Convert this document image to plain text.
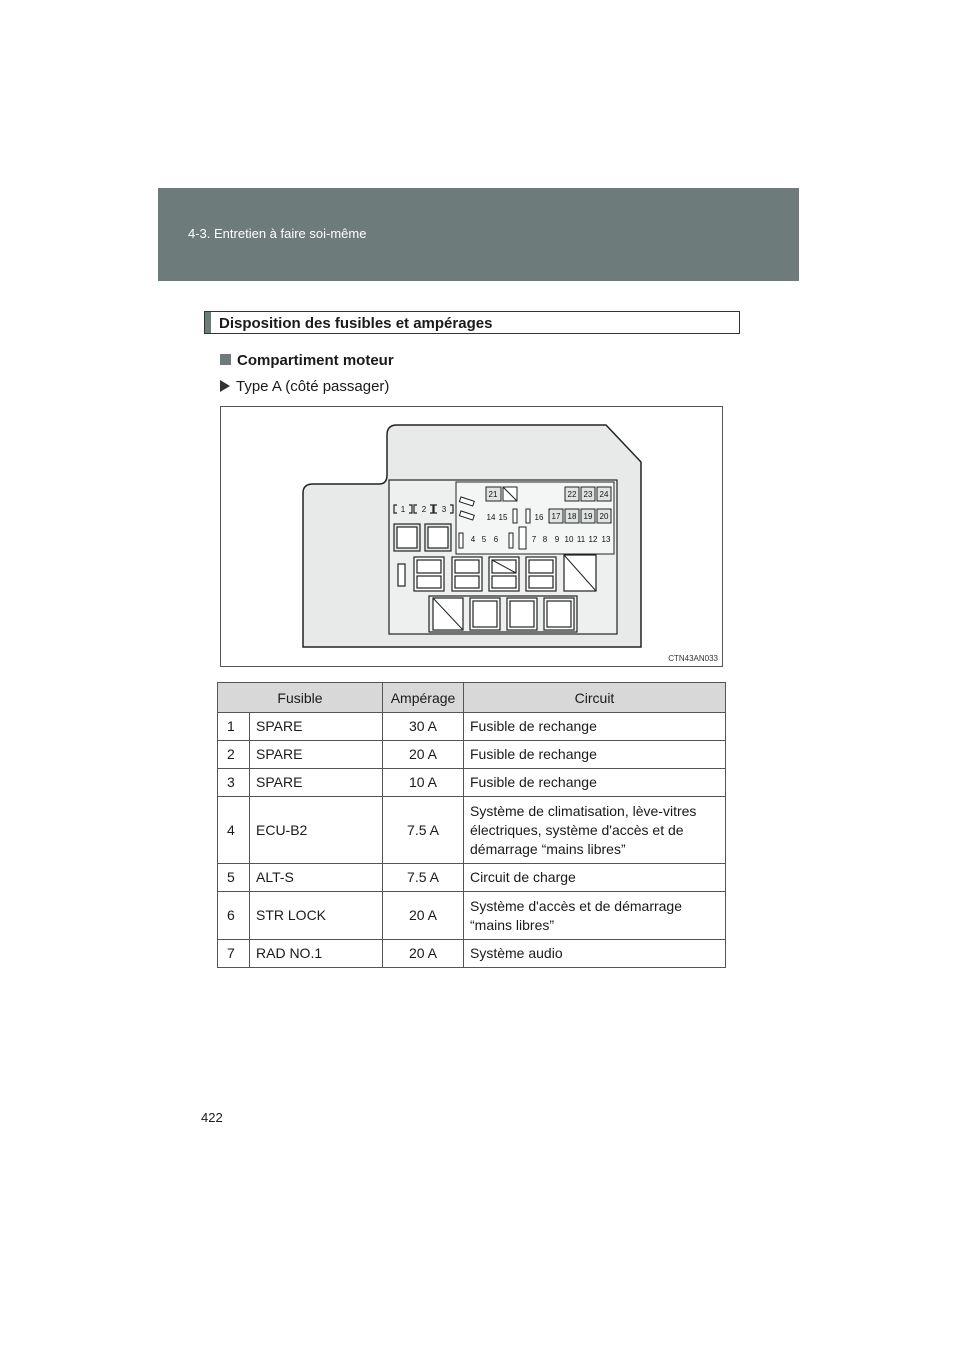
4-3. Entretien à faire soi-même
Disposition des fusibles et ampérages
Compartiment moteur
Type A (côté passager)
21	22 23 24
14 15	16 17 18 19 20
1 2 3
4 5 6	7 8 9 10 11 12 13
CTN43AN033
Fusible		Ampérage	Circuit
1	SPARE	30 A	Fusible de rechange
2	SPARE	20 A	Fusible de rechange
3	SPARE	10 A	Fusible de rechange
4	ECU-B2	7.5 A	Système de climatisation, lève-vitres électriques, système d'accès et de démarrage “mains libres”
5	ALT-S	7.5 A	Circuit de charge
6	STR LOCK	20 A	Système d'accès et de démarrage “mains libres”
7	RAD NO.1	20 A	Système audio
422
